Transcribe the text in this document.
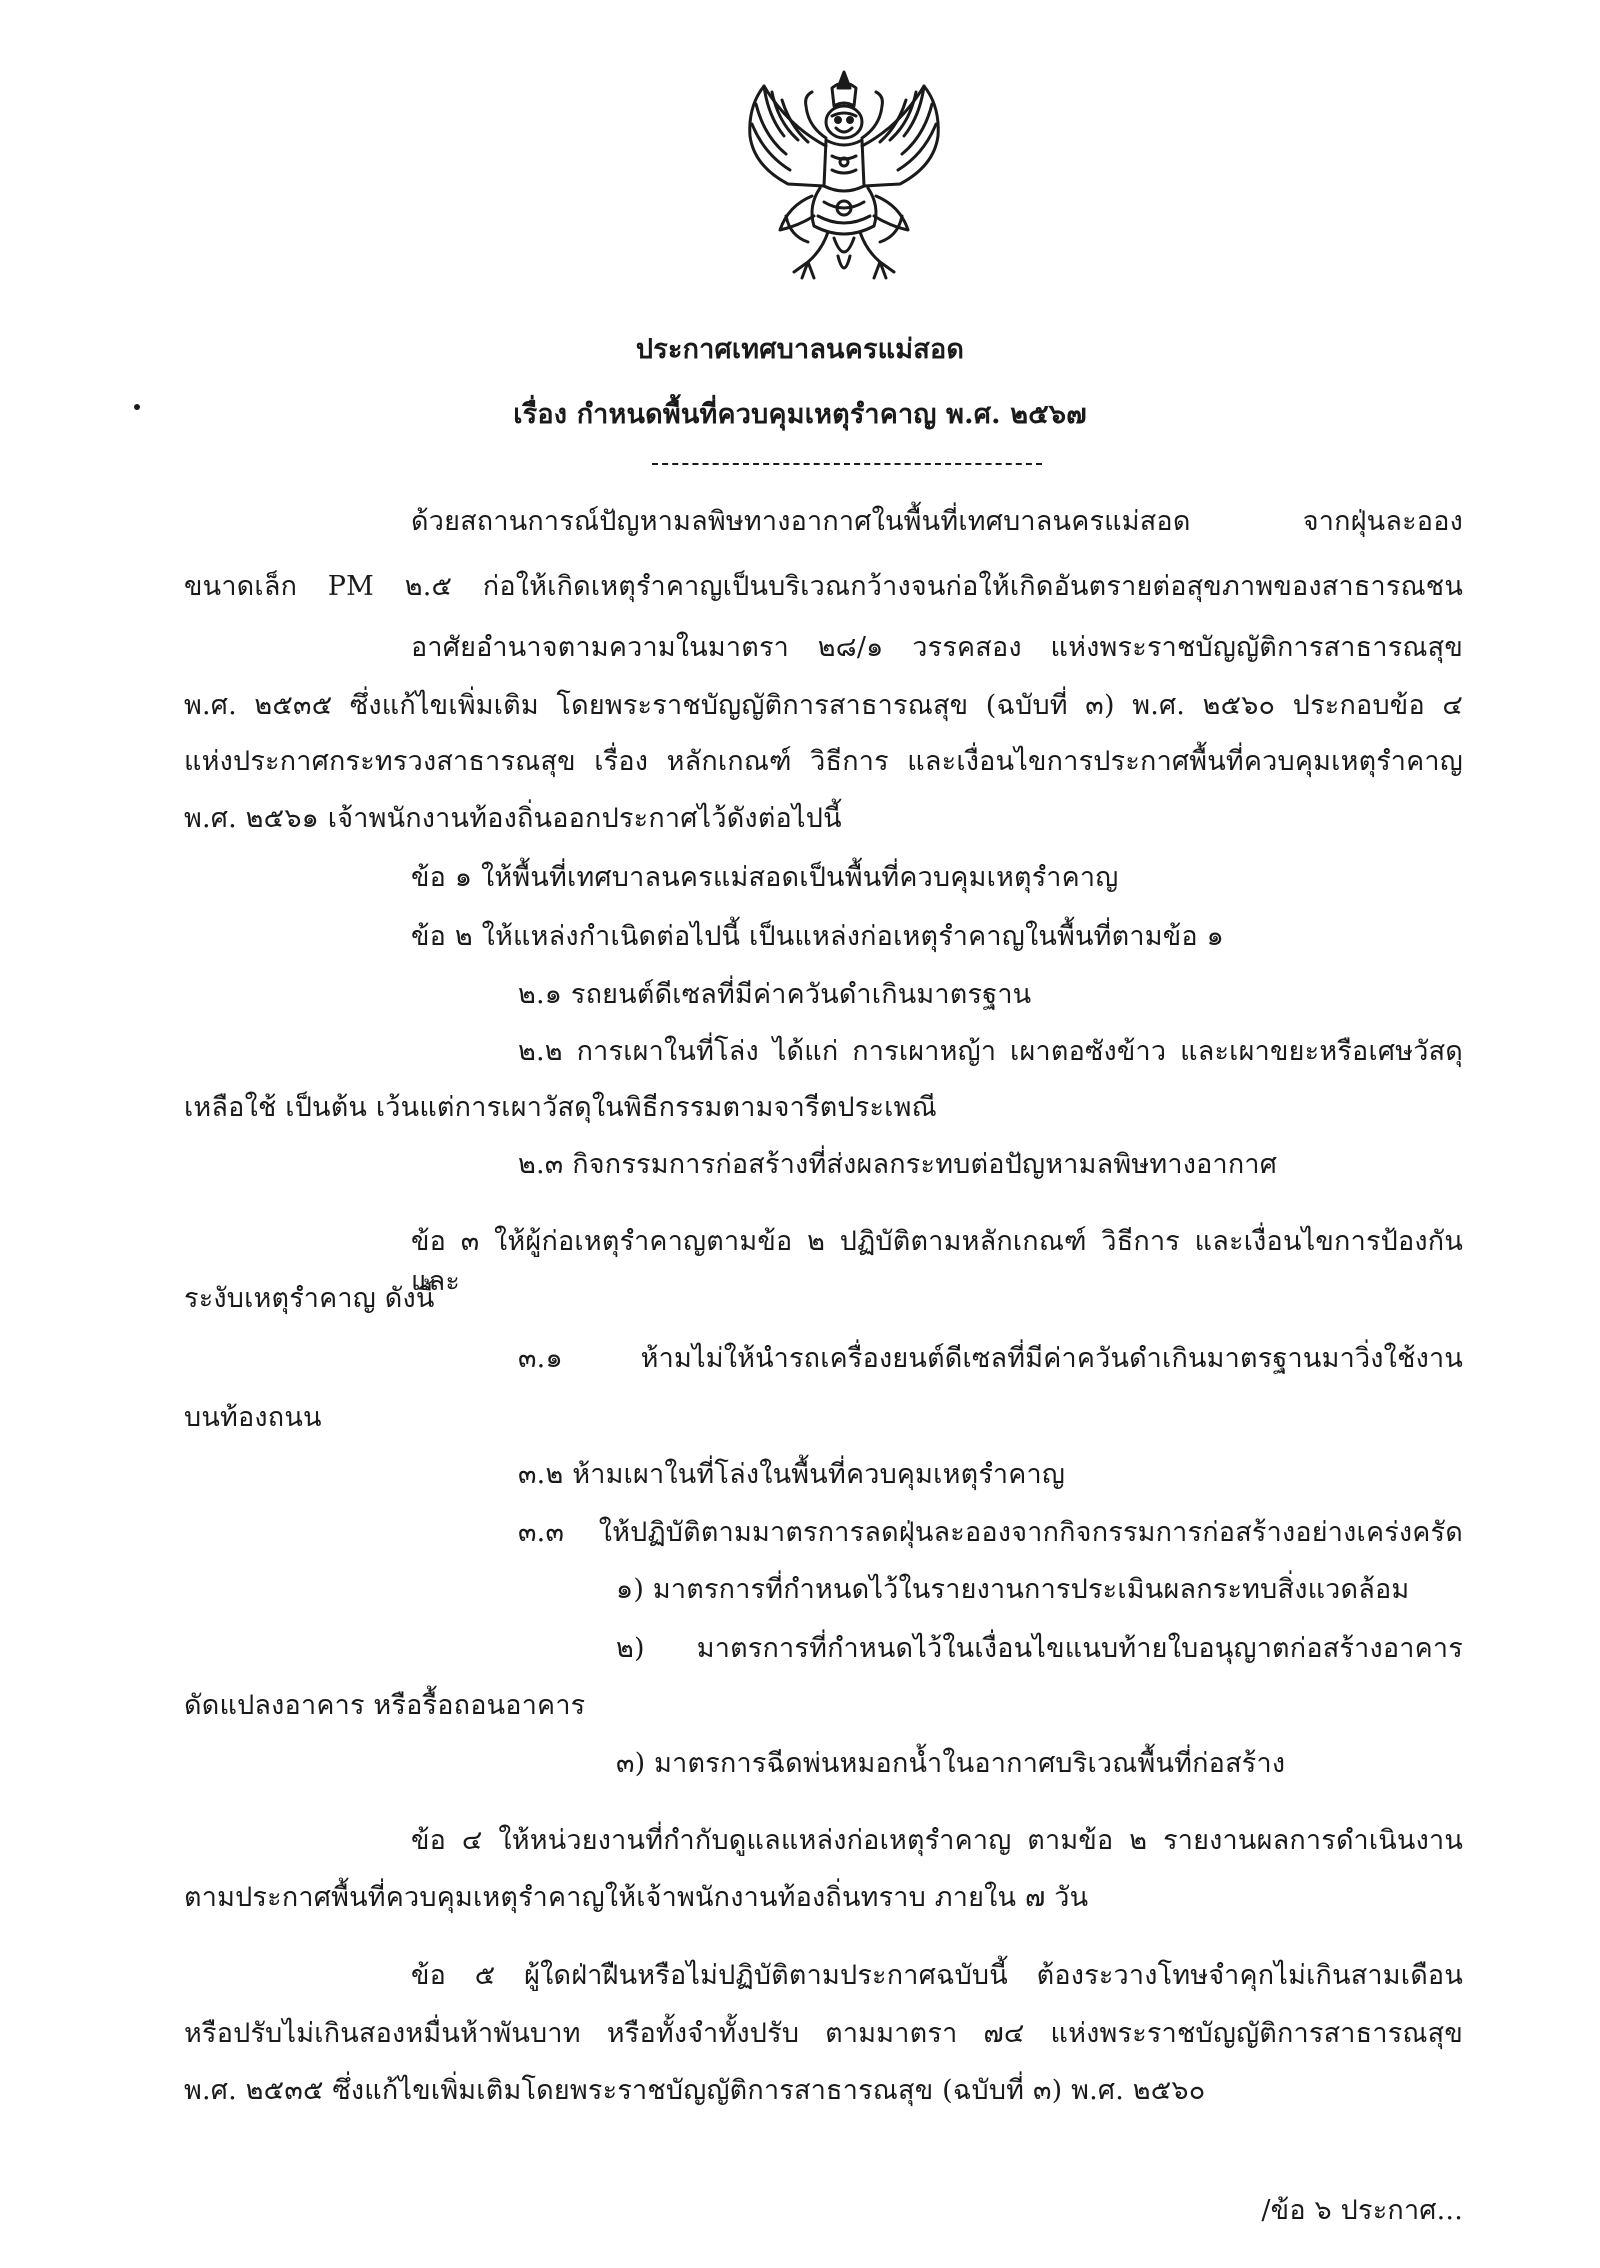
ประกาศเทศบาลนครแม่สอด
เรื่อง กำหนดพื้นที่ควบคุมเหตุรำคาญ พ.ศ. ๒๕๖๗
ด้วยสถานการณ์ปัญหามลพิษทางอากาศในพื้นที่เทศบาลนครแม่สอด จากฝุ่นละออง
ขนาดเล็ก PM ๒.๕ ก่อให้เกิดเหตุรำคาญเป็นบริเวณกว้างจนก่อให้เกิดอันตรายต่อสุขภาพของสาธารณชน
อาศัยอำนาจตามความในมาตรา ๒๘/๑ วรรคสอง แห่งพระราชบัญญัติการสาธารณสุข
พ.ศ. ๒๕๓๕ ซึ่งแก้ไขเพิ่มเติม โดยพระราชบัญญัติการสาธารณสุข (ฉบับที่ ๓) พ.ศ. ๒๕๖๐ ประกอบข้อ ๔
แห่งประกาศกระทรวงสาธารณสุข เรื่อง หลักเกณฑ์ วิธีการ และเงื่อนไขการประกาศพื้นที่ควบคุมเหตุรำคาญ
พ.ศ. ๒๕๖๑ เจ้าพนักงานท้องถิ่นออกประกาศไว้ดังต่อไปนี้
ข้อ ๑ ให้พื้นที่เทศบาลนครแม่สอดเป็นพื้นที่ควบคุมเหตุรำคาญ
ข้อ ๒ ให้แหล่งกำเนิดต่อไปนี้ เป็นแหล่งก่อเหตุรำคาญในพื้นที่ตามข้อ ๑
๒.๑ รถยนต์ดีเซลที่มีค่าควันดำเกินมาตรฐาน
๒.๒ การเผาในที่โล่ง ได้แก่ การเผาหญ้า เผาตอซังข้าว และเผาขยะหรือเศษวัสดุ
เหลือใช้ เป็นต้น เว้นแต่การเผาวัสดุในพิธีกรรมตามจารีตประเพณี
๒.๓ กิจกรรมการก่อสร้างที่ส่งผลกระทบต่อปัญหามลพิษทางอากาศ
ข้อ ๓ ให้ผู้ก่อเหตุรำคาญตามข้อ ๒ ปฏิบัติตามหลักเกณฑ์ วิธีการ และเงื่อนไขการป้องกันและ
ระงับเหตุรำคาญ ดังนี้
๓.๑ ห้ามไม่ให้นำรถเครื่องยนต์ดีเซลที่มีค่าควันดำเกินมาตรฐานมาวิ่งใช้งาน
บนท้องถนน
๓.๒ ห้ามเผาในที่โล่งในพื้นที่ควบคุมเหตุรำคาญ
๓.๓ ให้ปฏิบัติตามมาตรการลดฝุ่นละอองจากกิจกรรมการก่อสร้างอย่างเคร่งครัด
๑) มาตรการที่กำหนดไว้ในรายงานการประเมินผลกระทบสิ่งแวดล้อม
๒) มาตรการที่กำหนดไว้ในเงื่อนไขแนบท้ายใบอนุญาตก่อสร้างอาคาร
ดัดแปลงอาคาร หรือรื้อถอนอาคาร
๓) มาตรการฉีดพ่นหมอกน้ำในอากาศบริเวณพื้นที่ก่อสร้าง
ข้อ ๔ ให้หน่วยงานที่กำกับดูแลแหล่งก่อเหตุรำคาญ ตามข้อ ๒ รายงานผลการดำเนินงาน
ตามประกาศพื้นที่ควบคุมเหตุรำคาญให้เจ้าพนักงานท้องถิ่นทราบ ภายใน ๗ วัน
ข้อ ๕ ผู้ใดฝ่าฝืนหรือไม่ปฏิบัติตามประกาศฉบับนี้ ต้องระวางโทษจำคุกไม่เกินสามเดือน
หรือปรับไม่เกินสองหมื่นห้าพันบาท หรือทั้งจำทั้งปรับ ตามมาตรา ๗๔ แห่งพระราชบัญญัติการสาธารณสุข
พ.ศ. ๒๕๓๕ ซึ่งแก้ไขเพิ่มเติมโดยพระราชบัญญัติการสาธารณสุข (ฉบับที่ ๓) พ.ศ. ๒๕๖๐
/ข้อ ๖ ประกาศ...
